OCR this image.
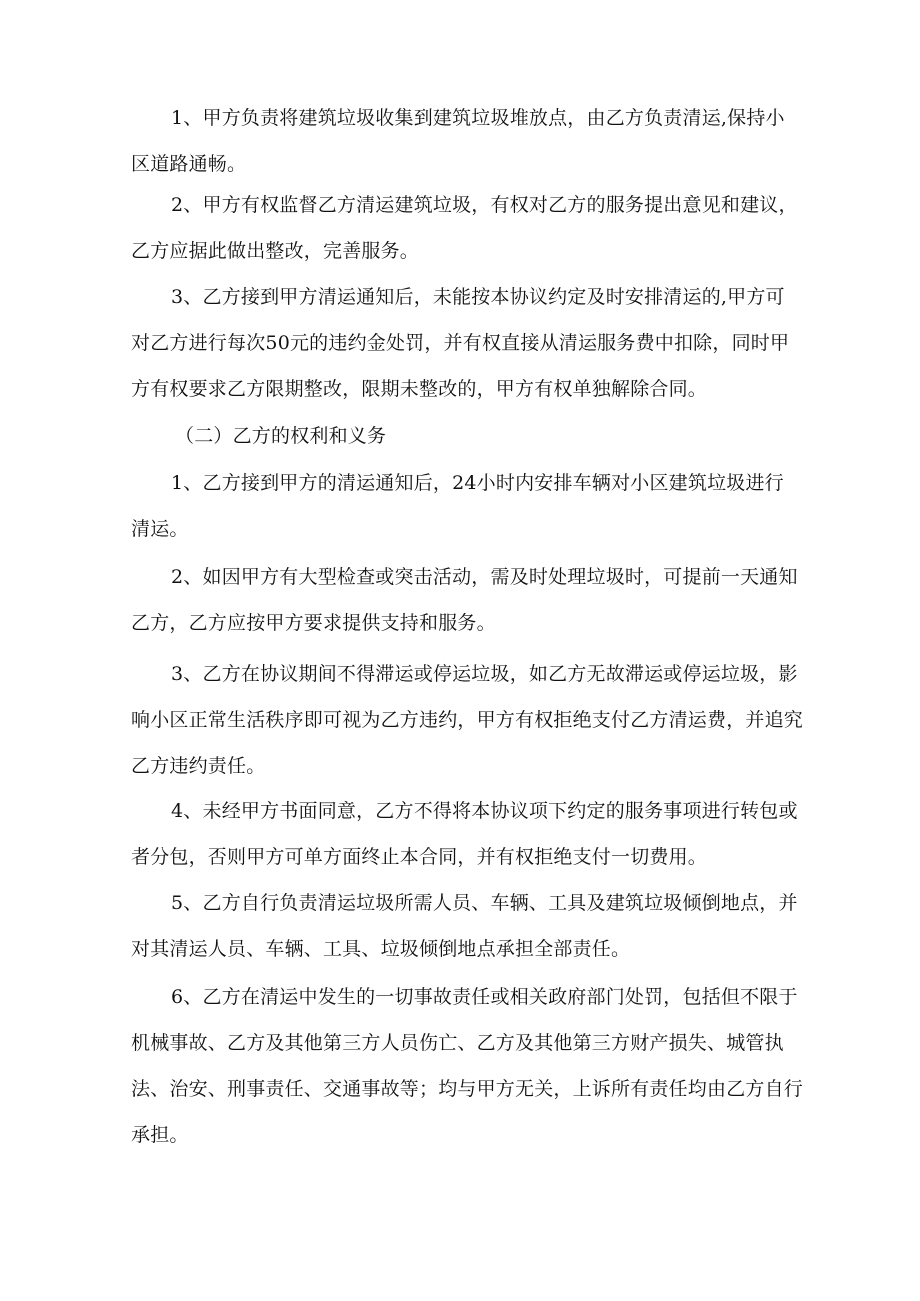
1、甲方负责将建筑垃圾收集到建筑垃圾堆放点，由乙方负责清运,保持小区道路通畅。

2、甲方有权监督乙方清运建筑垃圾，有权对乙方的服务提出意见和建议，乙方应据此做出整改，完善服务。

3、乙方接到甲方清运通知后，未能按本协议约定及时安排清运的,甲方可对乙方进行每次50元的违约金处罚，并有权直接从清运服务费中扣除，同时甲方有权要求乙方限期整改，限期未整改的，甲方有权单独解除合同。

（二）乙方的权利和义务

1、乙方接到甲方的清运通知后，24小时内安排车辆对小区建筑垃圾进行清运。

2、如因甲方有大型检查或突击活动，需及时处理垃圾时，可提前一天通知乙方，乙方应按甲方要求提供支持和服务。

3、乙方在协议期间不得滞运或停运垃圾，如乙方无故滞运或停运垃圾，影响小区正常生活秩序即可视为乙方违约，甲方有权拒绝支付乙方清运费，并追究乙方违约责任。

4、未经甲方书面同意，乙方不得将本协议项下约定的服务事项进行转包或者分包，否则甲方可单方面终止本合同，并有权拒绝支付一切费用。

5、乙方自行负责清运垃圾所需人员、车辆、工具及建筑垃圾倾倒地点，并对其清运人员、车辆、工具、垃圾倾倒地点承担全部责任。

6、乙方在清运中发生的一切事故责任或相关政府部门处罚，包括但不限于机械事故、乙方及其他第三方人员伤亡、乙方及其他第三方财产损失、城管执法、治安、刑事责任、交通事故等；均与甲方无关，上诉所有责任均由乙方自行承担。
